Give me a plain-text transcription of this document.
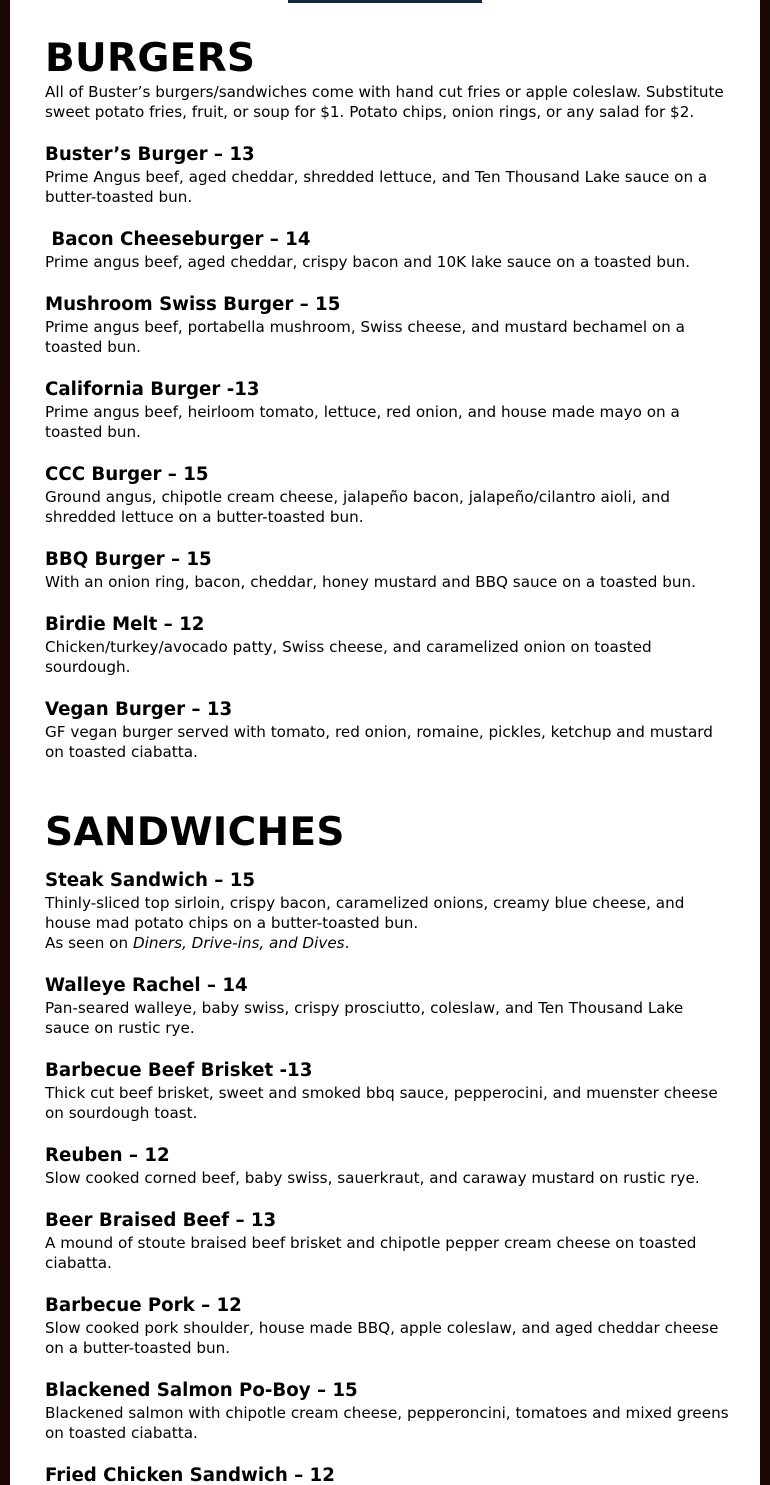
BURGERS

All of Buster’s burgers/sandwiches come with hand cut fries or apple coleslaw. Substitute sweet potato fries, fruit, or soup for $1. Potato chips, onion rings, or any salad for $2.

Buster’s Burger – 13

Prime Angus beef, aged cheddar, shredded lettuce, and Ten Thousand Lake sauce on a butter-toasted bun.

Bacon Cheeseburger – 14

Prime angus beef, aged cheddar, crispy bacon and 10K lake sauce on a toasted bun.

Mushroom Swiss Burger – 15

Prime angus beef, portabella mushroom, Swiss cheese, and mustard bechamel on a toasted bun.

California Burger -13

Prime angus beef, heirloom tomato, lettuce, red onion, and house made mayo on a toasted bun.

CCC Burger – 15

Ground angus, chipotle cream cheese, jalapeño bacon, jalapeño/cilantro aioli, and shredded lettuce on a butter-toasted bun.

BBQ Burger – 15

With an onion ring, bacon, cheddar, honey mustard and BBQ sauce on a toasted bun.

Birdie Melt – 12

Chicken/turkey/avocado patty, Swiss cheese, and caramelized onion on toasted sourdough.

Vegan Burger – 13

GF vegan burger served with tomato, red onion, romaine, pickles, ketchup and mustard on toasted ciabatta.

SANDWICHES

Steak Sandwich – 15

Thinly-sliced top sirloin, crispy bacon, caramelized onions, creamy blue cheese, and house mad potato chips on a butter-toasted bun.

As seen on Diners, Drive-ins, and Dives.

Walleye Rachel – 14

Pan-seared walleye, baby swiss, crispy prosciutto, coleslaw, and Ten Thousand Lake sauce on rustic rye.

Barbecue Beef Brisket -13

Thick cut beef brisket, sweet and smoked bbq sauce, pepperocini, and muenster cheese on sourdough toast.

Reuben – 12

Slow cooked corned beef, baby swiss, sauerkraut, and caraway mustard on rustic rye.

Beer Braised Beef – 13

A mound of stoute braised beef brisket and chipotle pepper cream cheese on toasted ciabatta.

Barbecue Pork – 12

Slow cooked pork shoulder, house made BBQ, apple coleslaw, and aged cheddar cheese on a butter-toasted bun.

Blackened Salmon Po-Boy – 15

Blackened salmon with chipotle cream cheese, pepperoncini, tomatoes and mixed greens on toasted ciabatta.

Fried Chicken Sandwich – 12
